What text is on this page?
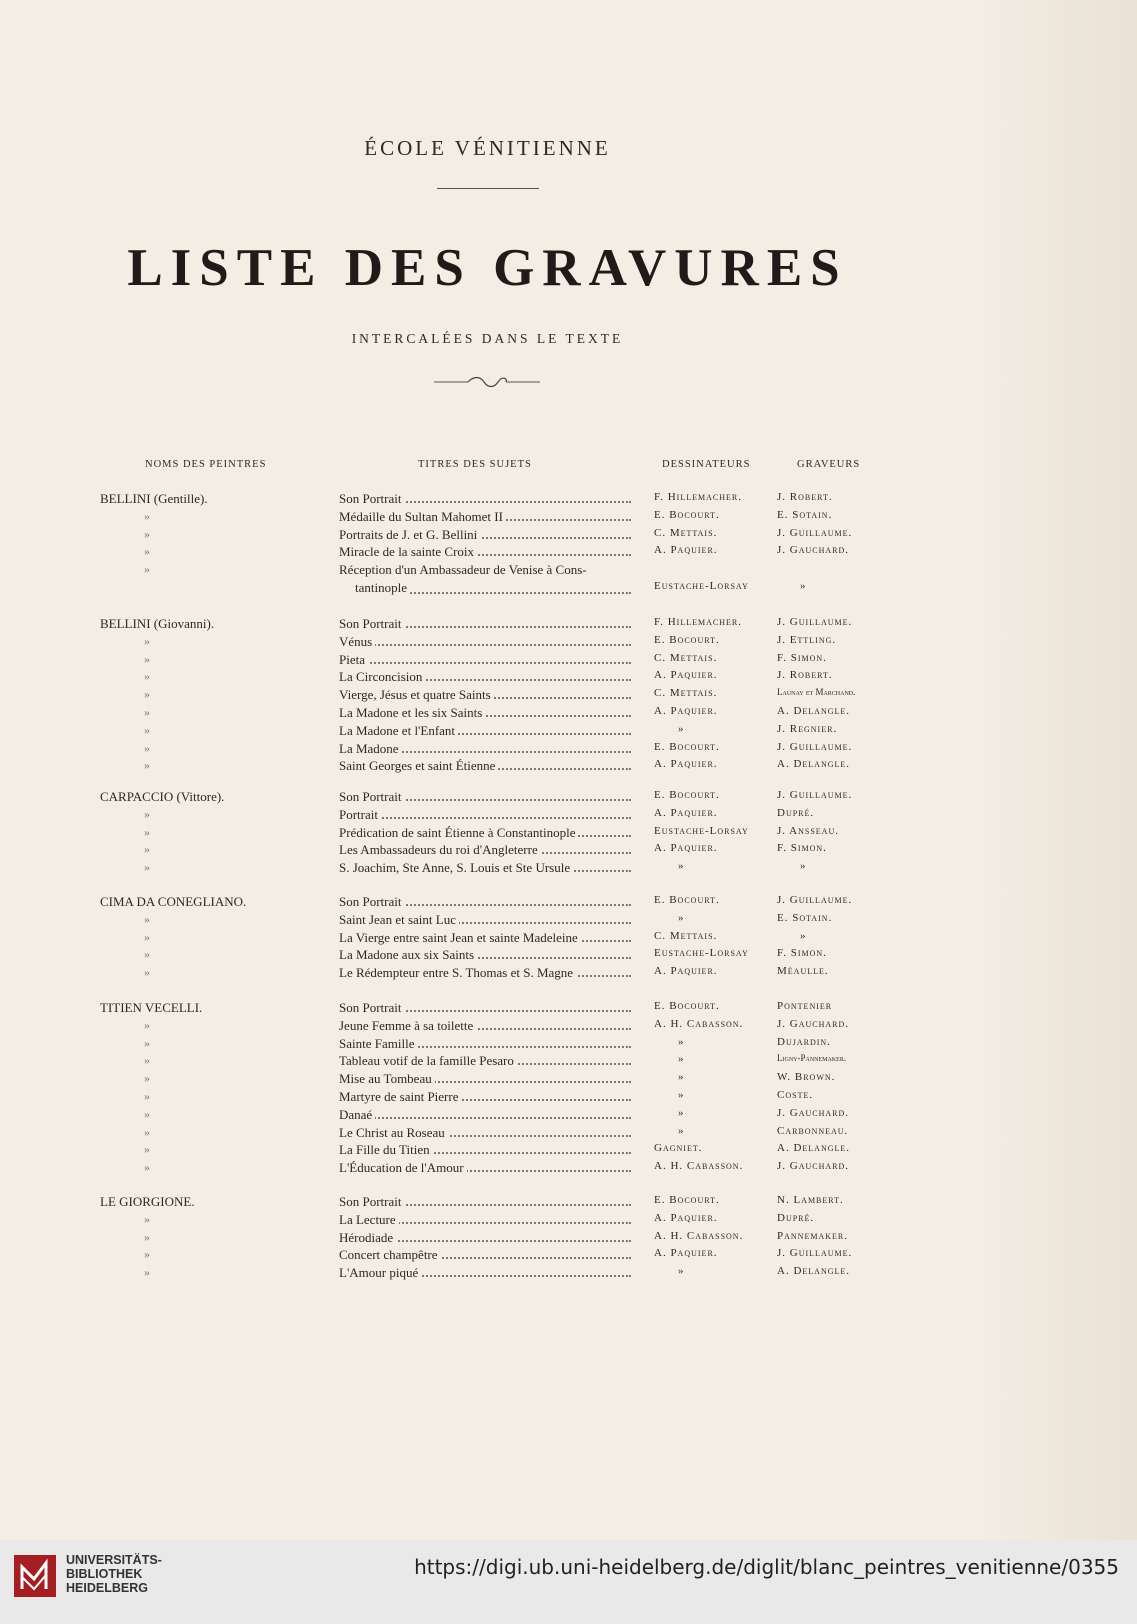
ÉCOLE VÉNITIENNE
LISTE DES GRAVURES
INTERCALÉES DANS LE TEXTE
NOMS DES PEINTRES	TITRES DES SUJETS	DESSINATEURS	GRAVEURS
BELLINI (Gentille).	Son Portrait	F. Hillemacher.	J. Robert.
»	Médaille du Sultan Mahomet II	E. Bocourt.	E. Sotain.
»	Portraits de J. et G. Bellini	C. Mettais.	J. Guillaume.
»	Miracle de la sainte Croix	A. Paquier.	J. Gauchard.
»	Réception d'un Ambassadeur de Venise à Cons-
tantinople	Eustache-Lorsay	»
BELLINI (Giovanni).	Son Portrait	F. Hillemacher.	J. Guillaume.
»	Vénus	E. Bocourt.	J. Ettling.
»	Pieta	C. Mettais.	F. Simon.
»	La Circoncision	A. Paquier.	J. Robert.
»	Vierge, Jésus et quatre Saints	C. Mettais.	Launay et Marchand.
»	La Madone et les six Saints	A. Paquier.	A. Delangle.
»	La Madone et l'Enfant	»	J. Regnier.
»	La Madone	E. Bocourt.	J. Guillaume.
»	Saint Georges et saint Étienne	A. Paquier.	A. Delangle.
CARPACCIO (Vittore).	Son Portrait	E. Bocourt.	J. Guillaume.
»	Portrait	A. Paquier.	Dupré.
»	Prédication de saint Étienne à Constantinople	Eustache-Lorsay	J. Ansseau.
»	Les Ambassadeurs du roi d'Angleterre	A. Paquier.	F. Simon.
»	S. Joachim, Ste Anne, S. Louis et Ste Ursule	»	»
CIMA DA CONEGLIANO.	Son Portrait	E. Bocourt.	J. Guillaume.
»	Saint Jean et saint Luc	»	E. Sotain.
»	La Vierge entre saint Jean et sainte Madeleine	C. Mettais.	»
»	La Madone aux six Saints	Eustache-Lorsay	F. Simon.
»	Le Rédempteur entre S. Thomas et S. Magne	A. Paquier.	Méaulle.
TITIEN VECELLI.	Son Portrait	E. Bocourt.	Pontenier
»	Jeune Femme à sa toilette	A. H. Cabasson.	J. Gauchard.
»	Sainte Famille	»	Dujardin.
»	Tableau votif de la famille Pesaro	»	Ligny-Pannemaker.
»	Mise au Tombeau	»	W. Brown.
»	Martyre de saint Pierre	»	Coste.
»	Danaé	»	J. Gauchard.
»	Le Christ au Roseau	»	Carbonneau.
»	La Fille du Titien	Gagniet.	A. Delangle.
»	L'Éducation de l'Amour	A. H. Cabasson.	J. Gauchard.
LE GIORGIONE.	Son Portrait	E. Bocourt.	N. Lambert.
»	La Lecture	A. Paquier.	Dupré.
»	Hérodiade	A. H. Cabasson.	Pannemaker.
»	Concert champêtre	A. Paquier.	J. Guillaume.
»	L'Amour piqué	»	A. Delangle.
UNIVERSITÄTS-
BIBLIOTHEK
HEIDELBERG
https://digi.ub.uni-heidelberg.de/diglit/blanc_peintres_venitienne/0355
